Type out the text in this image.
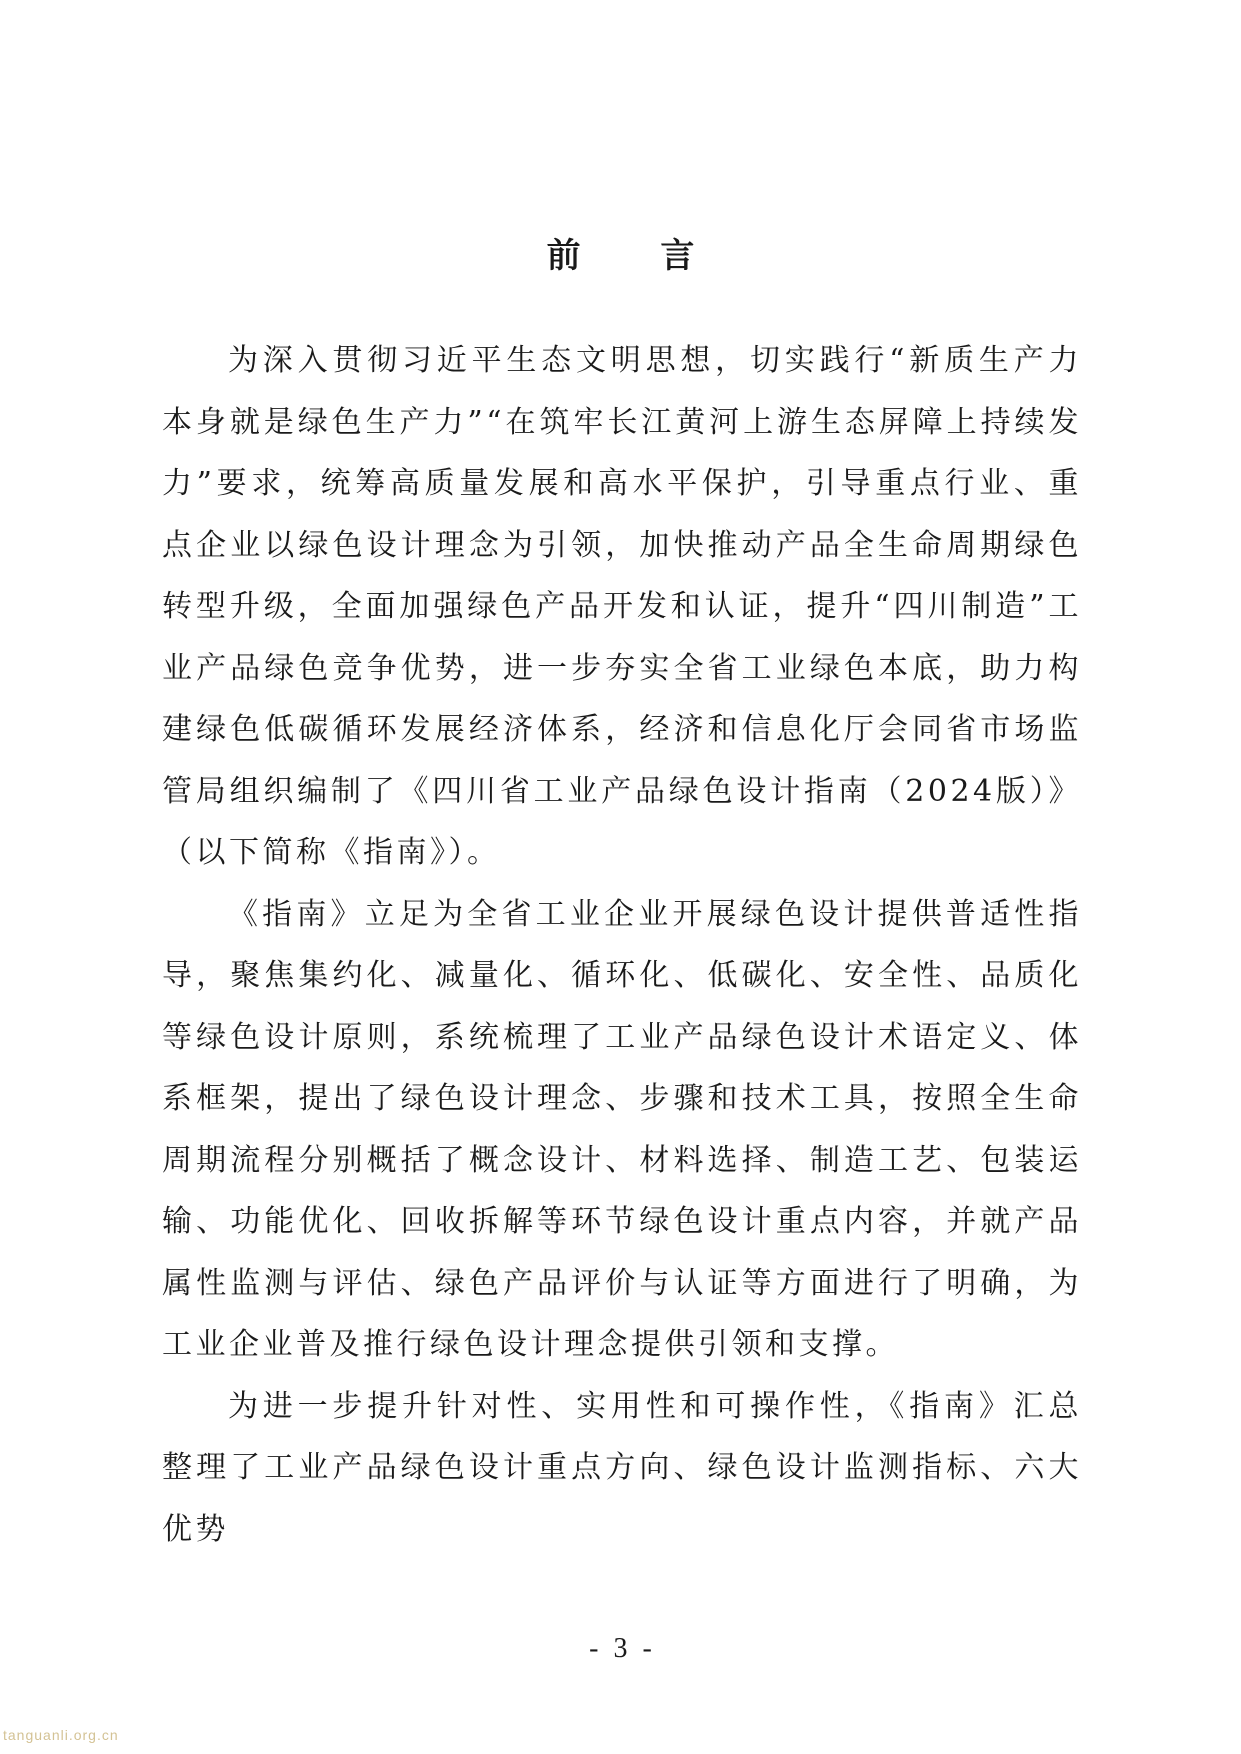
前 言

为深入贯彻习近平生态文明思想，切实践行“新质生产力本身就是绿色生产力”“在筑牢长江黄河上游生态屏障上持续发力”要求，统筹高质量发展和高水平保护，引导重点行业、重点企业以绿色设计理念为引领，加快推动产品全生命周期绿色转型升级，全面加强绿色产品开发和认证，提升“四川制造”工业产品绿色竞争优势，进一步夯实全省工业绿色本底，助力构建绿色低碳循环发展经济体系，经济和信息化厅会同省市场监管局组织编制了《四川省工业产品绿色设计指南（2024版）》（以下简称《指南》）。

《指南》立足为全省工业企业开展绿色设计提供普适性指导，聚焦集约化、减量化、循环化、低碳化、安全性、品质化等绿色设计原则，系统梳理了工业产品绿色设计术语定义、体系框架，提出了绿色设计理念、步骤和技术工具，按照全生命周期流程分别概括了概念设计、材料选择、制造工艺、包装运输、功能优化、回收拆解等环节绿色设计重点内容，并就产品属性监测与评估、绿色产品评价与认证等方面进行了明确，为工业企业普及推行绿色设计理念提供引领和支撑。

为进一步提升针对性、实用性和可操作性，《指南》汇总整理了工业产品绿色设计重点方向、绿色设计监测指标、六大优势

- 3 -
tanguanli.org.cn
